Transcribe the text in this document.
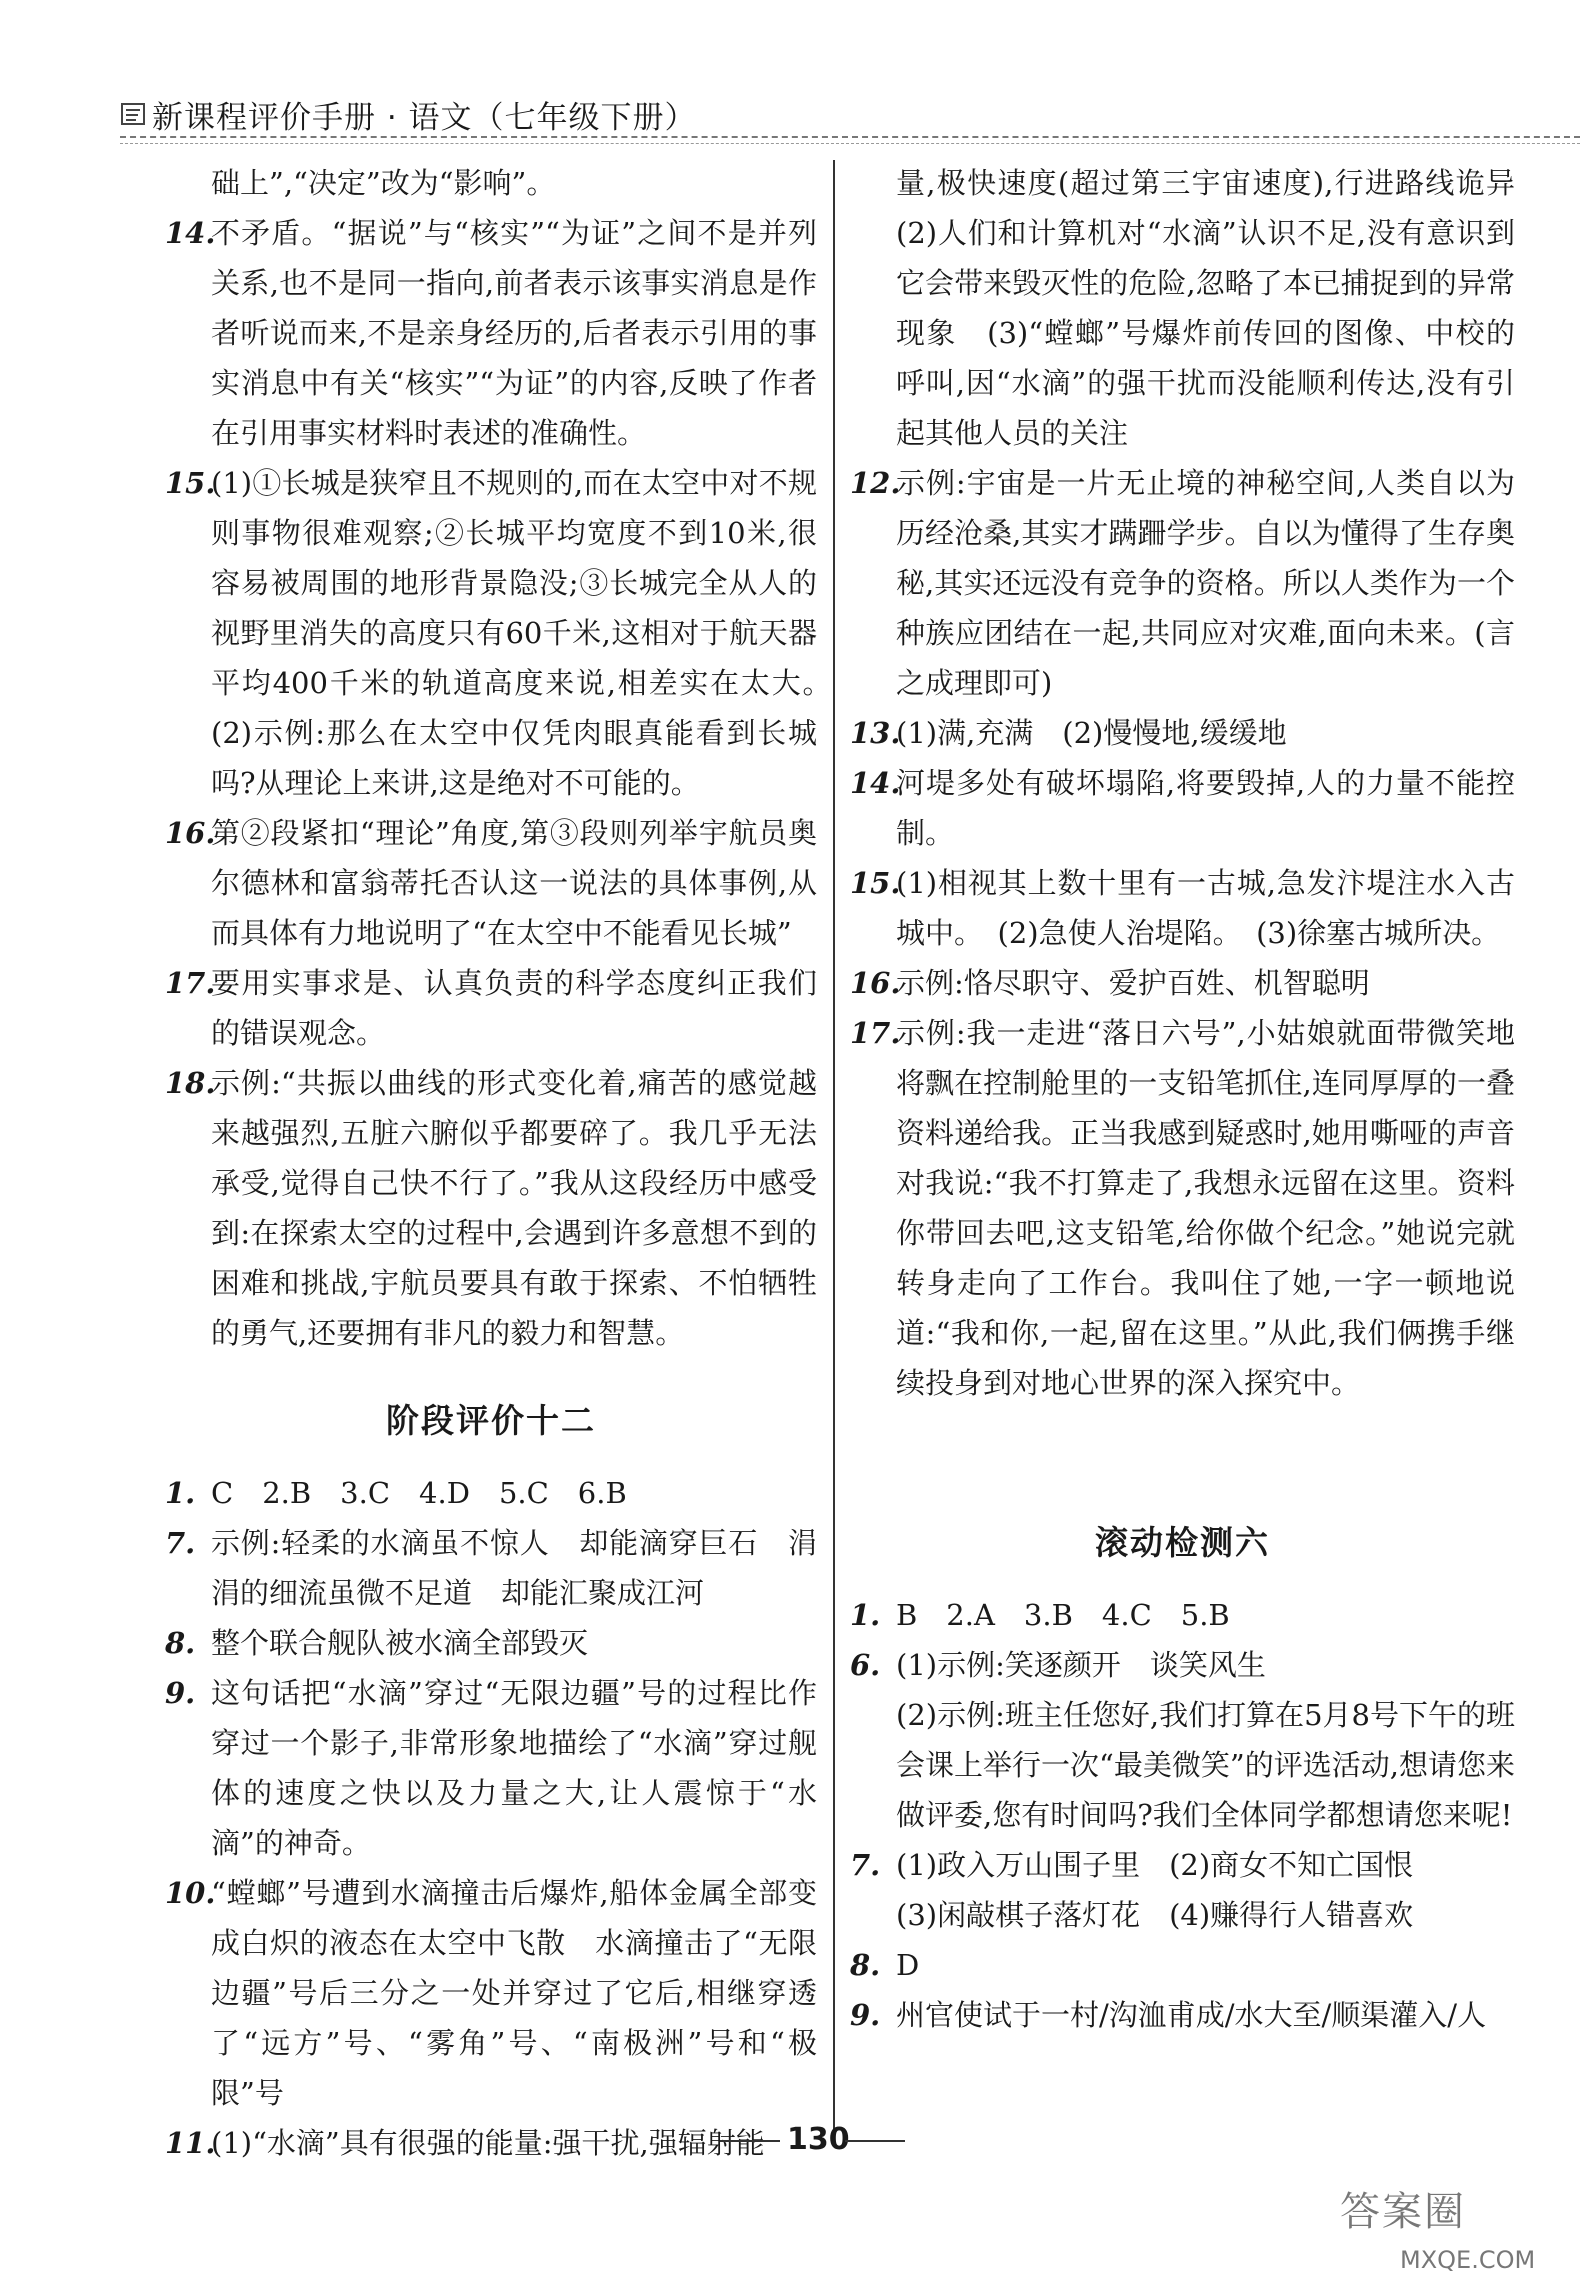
新课程评价手册 · 语文（七年级下册）
础上”,“决定”改为“影响”。
14.
不矛盾。“据说”与“核实”“为证”之间不是并列关系,也不是同一指向,前者表示该事实消息是作者听说而来,不是亲身经历的,后者表示引用的事实消息中有关“核实”“为证”的内容,反映了作者在引用事实材料时表述的准确性。
15.
(1)①长城是狭窄且不规则的,而在太空中对不规则事物很难观察;②长城平均宽度不到10米,很容易被周围的地形背景隐没;③长城完全从人的视野里消失的高度只有60千米,这相对于航天器平均400千米的轨道高度来说,相差实在太大。　(2)示例:那么在太空中仅凭肉眼真能看到长城吗?从理论上来讲,这是绝对不可能的。
16.
第②段紧扣“理论”角度,第③段则列举宇航员奥尔德林和富翁蒂托否认这一说法的具体事例,从而具体有力地说明了“在太空中不能看见长城”
17.
要用实事求是、认真负责的科学态度纠正我们的错误观念。
18.
示例:“共振以曲线的形式变化着,痛苦的感觉越来越强烈,五脏六腑似乎都要碎了。我几乎无法承受,觉得自己快不行了。”我从这段经历中感受到:在探索太空的过程中,会遇到许多意想不到的困难和挑战,宇航员要具有敢于探索、不怕牺牲的勇气,还要拥有非凡的毅力和智慧。
阶段评价十二
1. C　2.B　3.C　4.D　5.C　6.B
7. 示例:轻柔的水滴虽不惊人　却能滴穿巨石　涓涓的细流虽微不足道　却能汇聚成江河
8. 整个联合舰队被水滴全部毁灭
9. 这句话把“水滴”穿过“无限边疆”号的过程比作穿过一个影子,非常形象地描绘了“水滴”穿过舰体的速度之快以及力量之大,让人震惊于“水滴”的神奇。
10.
“螳螂”号遭到水滴撞击后爆炸,船体金属全部变成白炽的液态在太空中飞散　水滴撞击了“无限边疆”号后三分之一处并穿过了它后,相继穿透了“远方”号、“雾角”号、“南极洲”号和“极限”号
11.
(1)“水滴”具有很强的能量:强干扰,强辐射能
量,极快速度(超过第三宇宙速度),行进路线诡异　(2)人们和计算机对“水滴”认识不足,没有意识到它会带来毁灭性的危险,忽略了本已捕捉到的异常现象　(3)“螳螂”号爆炸前传回的图像、中校的呼叫,因“水滴”的强干扰而没能顺利传达,没有引起其他人员的关注
12.
示例:宇宙是一片无止境的神秘空间,人类自以为历经沧桑,其实才蹒跚学步。自以为懂得了生存奥秘,其实还远没有竞争的资格。所以人类作为一个种族应团结在一起,共同应对灾难,面向未来。(言之成理即可)
13.
(1)满,充满　(2)慢慢地,缓缓地
14.
河堤多处有破坏塌陷,将要毁掉,人的力量不能控制。
15.
(1)相视其上数十里有一古城,急发汴堤注水入古城中。　(2)急使人治堤陷。　(3)徐塞古城所决。
16.
示例:恪尽职守、爱护百姓、机智聪明
17.
示例:我一走进“落日六号”,小姑娘就面带微笑地将飘在控制舱里的一支铅笔抓住,连同厚厚的一叠资料递给我。正当我感到疑惑时,她用嘶哑的声音对我说:“我不打算走了,我想永远留在这里。资料你带回去吧,这支铅笔,给你做个纪念。”她说完就转身走向了工作台。我叫住了她,一字一顿地说道:“我和你,一起,留在这里。”从此,我们俩携手继续投身到对地心世界的深入探究中。
滚动检测六
1. B　2.A　3.B　4.C　5.B
6. (1)示例:笑逐颜开　谈笑风生
(2)示例:班主任您好,我们打算在5月8号下午的班会课上举行一次“最美微笑”的评选活动,想请您来做评委,您有时间吗?我们全体同学都想请您来呢!
7. (1)政入万山围子里　(2)商女不知亡国恨
(3)闲敲棋子落灯花　(4)赚得行人错喜欢
8. D
9. 州官使试于一村/沟洫甫成/水大至/顺渠灌入/人
130
答案圈
MXQE.COM
